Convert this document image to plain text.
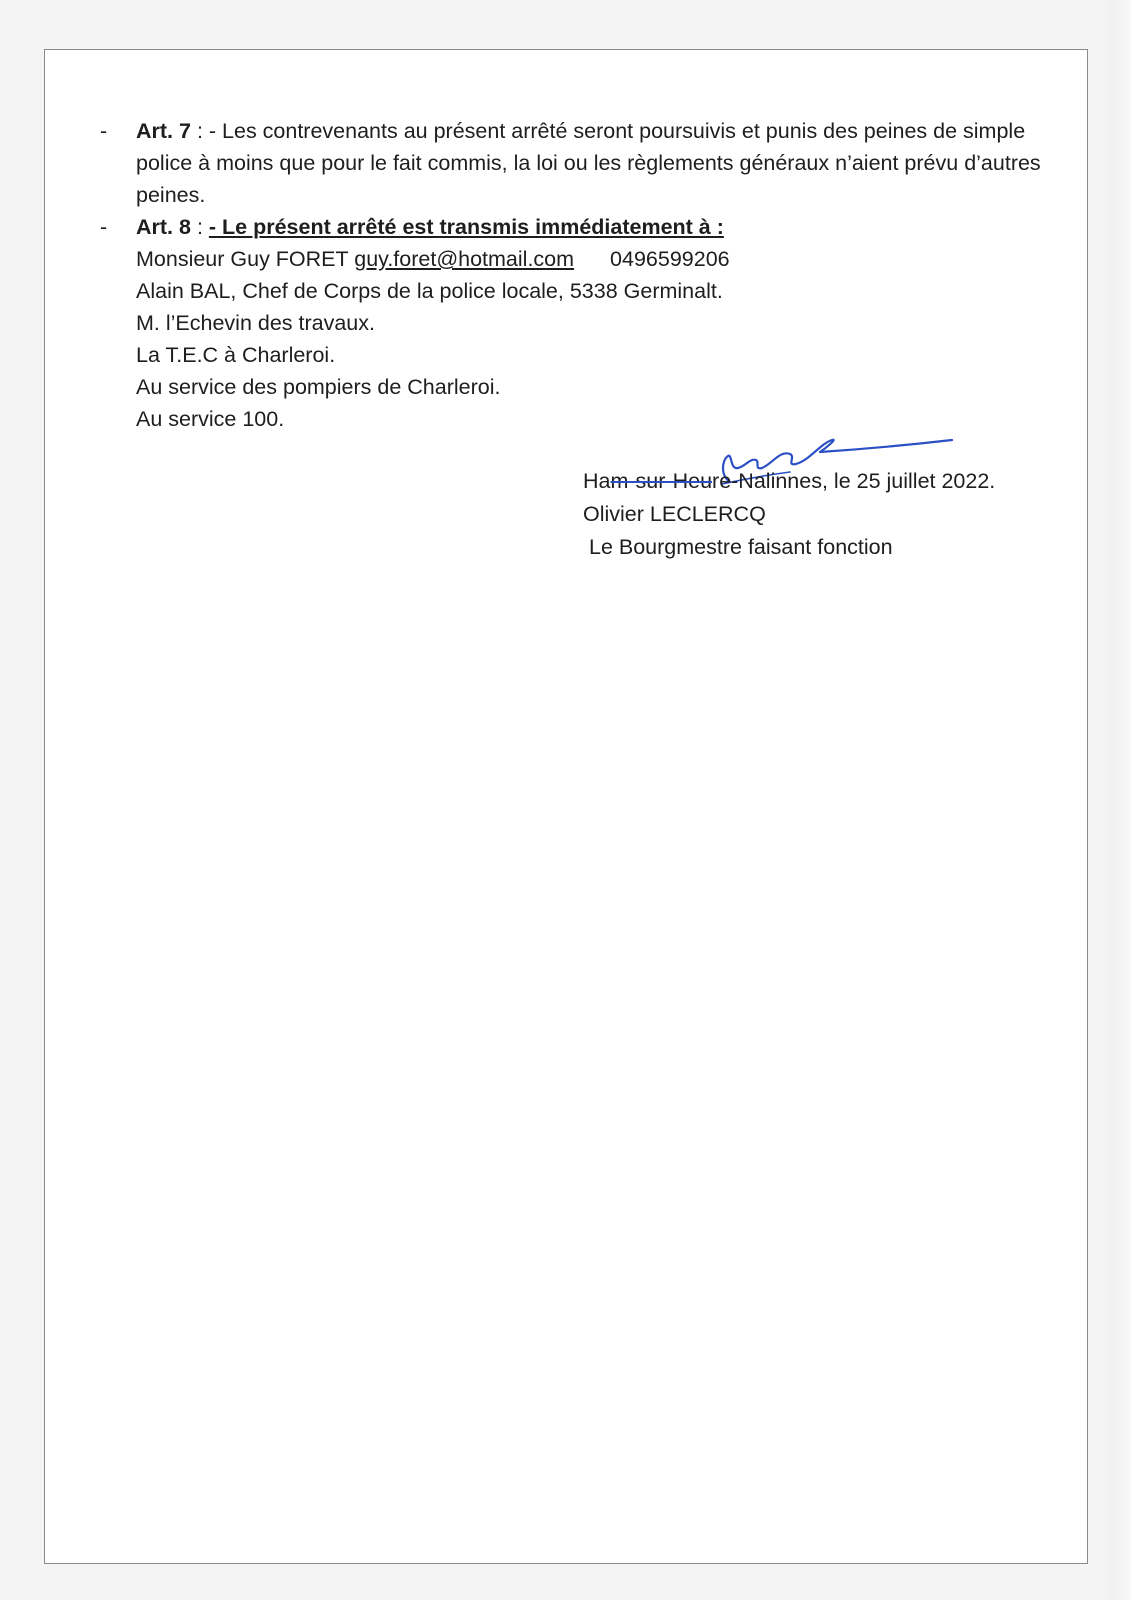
-	Art. 7 : - Les contrevenants au présent arrêté seront poursuivis et punis des peines de simple police à moins que pour le fait commis, la loi ou les règlements généraux n’aient prévu d’autres peines.
-	Art. 8 : - Le présent arrêté est transmis immédiatement à :
Monsieur Guy FORET guy.foret@hotmail.com 0496599206
Alain BAL, Chef de Corps de la police locale, 5338 Germinalt.
M. l’Echevin des travaux.
La T.E.C à Charleroi.
Au service des pompiers de Charleroi.
Au service 100.
Ham-sur-Heure-Nalinnes, le 25 juillet 2022.
Olivier LECLERCQ
Le Bourgmestre faisant fonction
